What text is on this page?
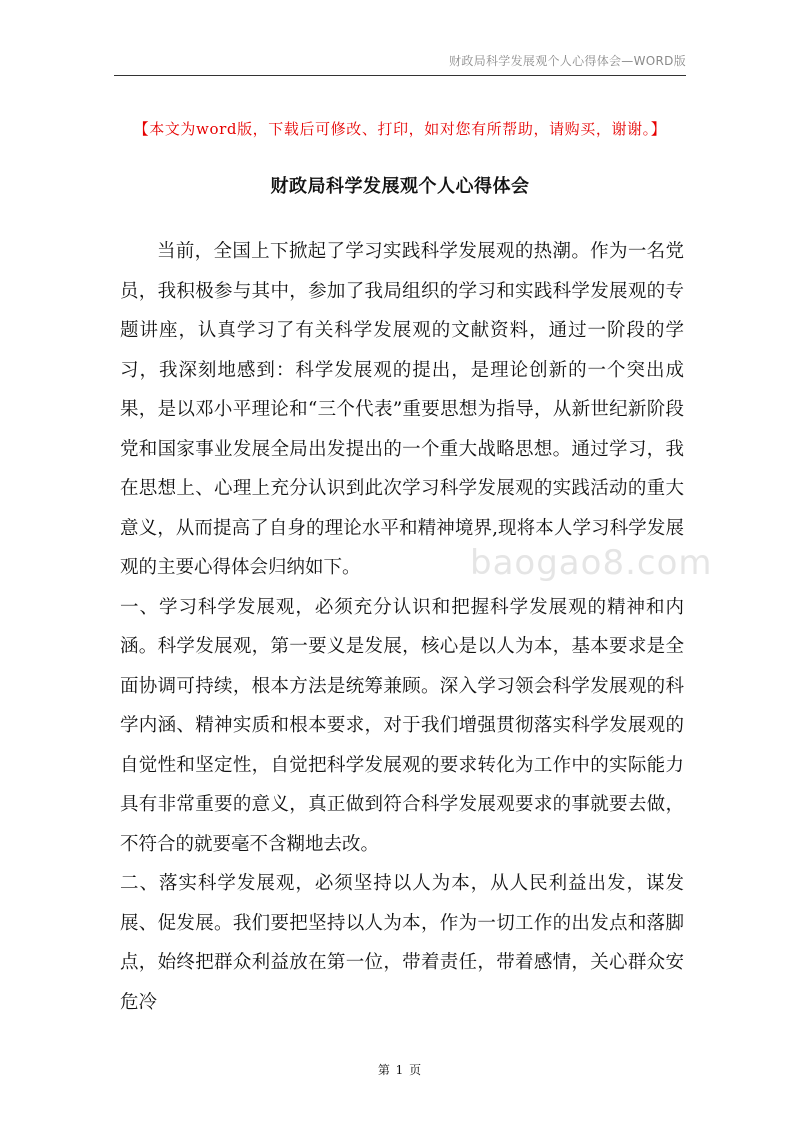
财政局科学发展观个人心得体会—WORD版
【本文为word版，下载后可修改、打印，如对您有所帮助，请购买，谢谢。】
财政局科学发展观个人心得体会

当前，全国上下掀起了学习实践科学发展观的热潮。作为一名党员，我积极参与其中，参加了我局组织的学习和实践科学发展观的专题讲座，认真学习了有关科学发展观的文献资料，通过一阶段的学习，我深刻地感到：科学发展观的提出，是理论创新的一个突出成果，是以邓小平理论和“三个代表”重要思想为指导，从新世纪新阶段党和国家事业发展全局出发提出的一个重大战略思想。通过学习，我在思想上、心理上充分认识到此次学习科学发展观的实践活动的重大意义，从而提高了自身的理论水平和精神境界,现将本人学习科学发展观的主要心得体会归纳如下。

一、学习科学发展观，必须充分认识和把握科学发展观的精神和内涵。科学发展观，第一要义是发展，核心是以人为本，基本要求是全面协调可持续，根本方法是统筹兼顾。深入学习领会科学发展观的科学内涵、精神实质和根本要求，对于我们增强贯彻落实科学发展观的自觉性和坚定性，自觉把科学发展观的要求转化为工作中的实际能力具有非常重要的意义，真正做到符合科学发展观要求的事就要去做，不符合的就要毫不含糊地去改。

二、落实科学发展观，必须坚持以人为本，从人民利益出发，谋发展、促发展。我们要把坚持以人为本，作为一切工作的出发点和落脚点，始终把群众利益放在第一位，带着责任，带着感情，关心群众安危冷

baogao8.com
第 1 页
